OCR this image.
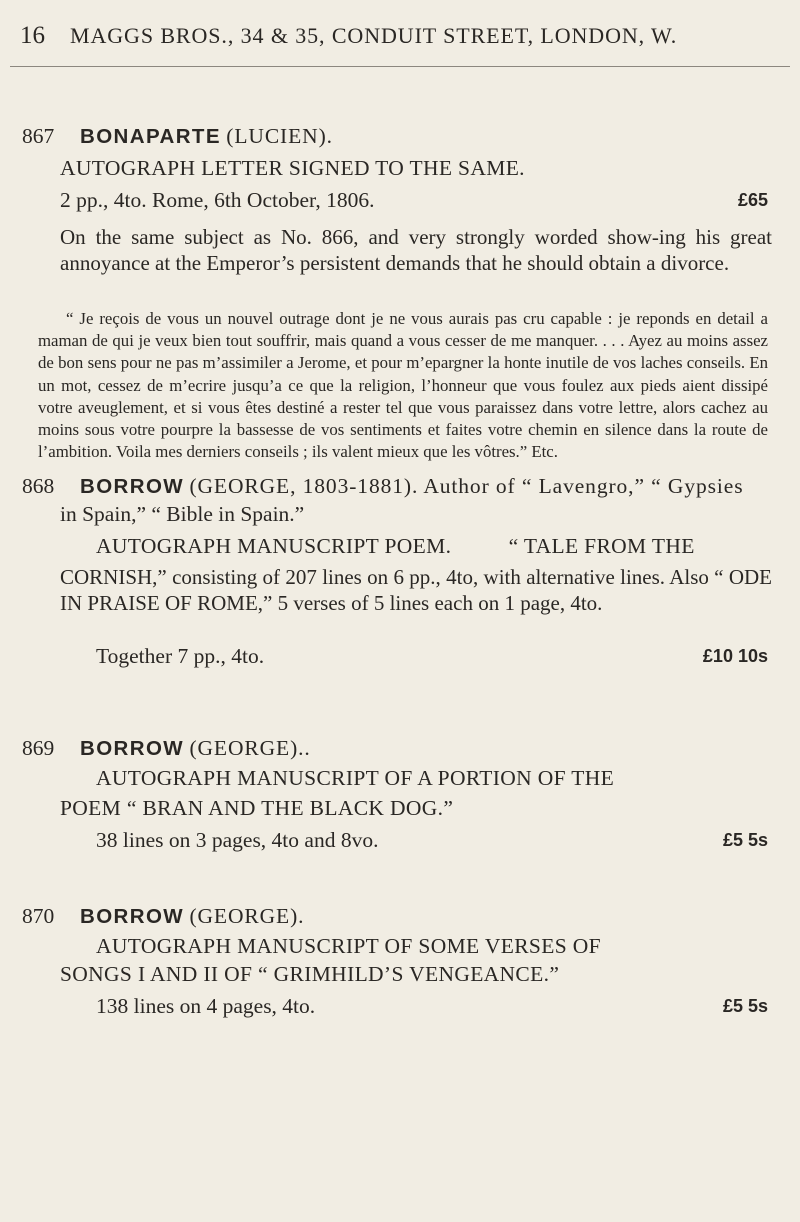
16 MAGGS BROS., 34 & 35, CONDUIT STREET, LONDON, W.
867 BONAPARTE (LUCIEN).
AUTOGRAPH LETTER SIGNED TO THE SAME.
2 pp., 4to. Rome, 6th October, 1806.	£65

On the same subject as No. 866, and very strongly worded show-ing his great annoyance at the Emperor’s persistent demands that he should obtain a divorce.

“ Je reçois de vous un nouvel outrage dont je ne vous aurais pas cru capable : je reponds en detail a maman de qui je veux bien tout souffrir, mais quand a vous cesser de me manquer. . . . Ayez au moins assez de bon sens pour ne pas m’assimiler a Jerome, et pour m’epargner la honte inutile de vos laches conseils. En un mot, cessez de m’ecrire jusqu’a ce que la religion, l’honneur que vous foulez aux pieds aient dissipé votre aveuglement, et si vous êtes destiné a rester tel que vous paraissez dans votre lettre, alors cachez au moins sous votre pourpre la bassesse de vos sentiments et faites votre chemin en silence dans la route de l’ambition. Voila mes derniers conseils ; ils valent mieux que les vôtres.” Etc.

868 BORROW (GEORGE, 1803-1881). Author of “ Lavengro,” “ Gypsies
in Spain,” “ Bible in Spain.”
AUTOGRAPH MANUSCRIPT POEM.          “ TALE FROM THE

CORNISH,” consisting of 207 lines on 6 pp., 4to, with alternative lines. Also “ ODE IN PRAISE OF ROME,” 5 verses of 5 lines each on 1 page, 4to.

Together 7 pp., 4to.	£10 10s
869 BORROW (GEORGE)..
AUTOGRAPH MANUSCRIPT OF A PORTION OF THE
POEM “ BRAN AND THE BLACK DOG.”
38 lines on 3 pages, 4to and 8vo.	£5 5s
870 BORROW (GEORGE).
AUTOGRAPH MANUSCRIPT OF SOME VERSES OF
SONGS I AND II OF “ GRIMHILD’S VENGEANCE.”
138 lines on 4 pages, 4to.	£5 5s
